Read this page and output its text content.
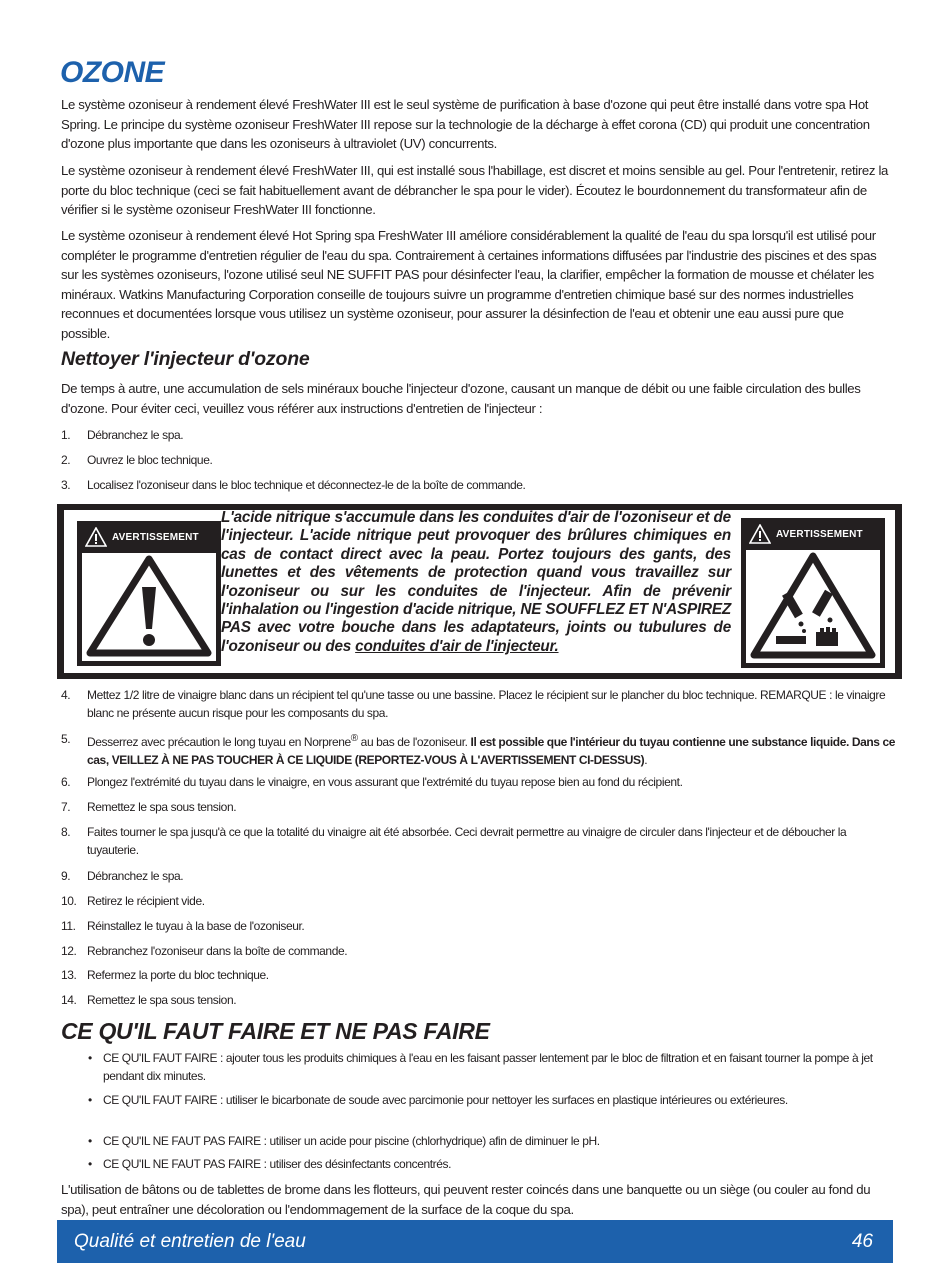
OZONE

Le système ozoniseur à rendement élevé FreshWater III est le seul système de purification à base d'ozone qui peut être installé dans votre spa Hot Spring. Le principe du système ozoniseur FreshWater III repose sur la technologie de la décharge à effet corona (CD) qui produit une concentration d'ozone plus importante que dans les ozoniseurs à ultraviolet (UV) concurrents.

Le système ozoniseur à rendement élevé FreshWater III, qui est installé sous l'habillage, est discret et moins sensible au gel. Pour l'entretenir, retirez la porte du bloc technique (ceci se fait habituellement avant de débrancher le spa pour le vider). Écoutez le bourdonnement du transformateur afin de vérifier si le système ozoniseur FreshWater III fonctionne.

Le système ozoniseur à rendement élevé Hot Spring spa FreshWater III améliore considérablement la qualité de l'eau du spa lorsqu'il est utilisé pour compléter le programme d'entretien régulier de l'eau du spa. Contrairement à certaines informations diffusées par l'industrie des piscines et des spas sur les systèmes ozoniseurs, l'ozone utilisé seul NE SUFFIT PAS pour désinfecter l'eau, la clarifier, empêcher la formation de mousse et chélater les minéraux. Watkins Manufacturing Corporation conseille de toujours suivre un programme d'entretien chimique basé sur des normes industrielles reconnues et documentées lorsque vous utilisez un système ozoniseur, pour assurer la désinfection de l'eau et obtenir une eau aussi pure que possible.

Nettoyer l'injecteur d'ozone

De temps à autre, une accumulation de sels minéraux bouche l'injecteur d'ozone, causant un manque de débit ou une faible circulation des bulles d'ozone. Pour éviter ceci, veuillez vous référer aux instructions d'entretien de l'injecteur :

1. Débranchez le spa.
2. Ouvrez le bloc technique.
3. Localisez l'ozoniseur dans le bloc technique et déconnectez-le de la boîte de commande.
AVERTISSEMENT	AVERTISSEMENT
L'acide nitrique s'accumule dans les conduites d'air de l'ozoniseur et de l'injecteur. L'acide nitrique peut provoquer des brûlures chimiques en cas de contact direct avec la peau. Portez toujours des gants, des lunettes et des vêtements de protection quand vous travaillez sur l'ozoniseur ou sur les conduites de l'injecteur. Afin de prévenir l'inhalation ou l'ingestion d'acide nitrique, NE SOUFFLEZ ET N'ASPIREZ PAS avec votre bouche dans les adaptateurs, joints ou tubulures de l'ozoniseur ou des conduites d'air de l'injecteur.
4. Mettez 1/2 litre de vinaigre blanc dans un récipient tel qu'une tasse ou une bassine. Placez le récipient sur le plancher du bloc technique. REMARQUE : le vinaigre blanc ne présente aucun risque pour les composants du spa.
5. Desserrez avec précaution le long tuyau en Norprene® au bas de l'ozoniseur. Il est possible que l'intérieur du tuyau contienne une substance liquide. Dans ce cas, VEILLEZ À NE PAS TOUCHER À CE LIQUIDE (REPORTEZ-VOUS À L'AVERTISSEMENT CI-DESSUS).
6. Plongez l'extrémité du tuyau dans le vinaigre, en vous assurant que l'extrémité du tuyau repose bien au fond du récipient.
7. Remettez le spa sous tension.
8. Faites tourner le spa jusqu'à ce que la totalité du vinaigre ait été absorbée. Ceci devrait permettre au vinaigre de circuler dans l'injecteur et de déboucher la tuyauterie.
9. Débranchez le spa.
10. Retirez le récipient vide.
11. Réinstallez le tuyau à la base de l'ozoniseur.
12. Rebranchez l'ozoniseur dans la boîte de commande.
13. Refermez la porte du bloc technique.
14. Remettez le spa sous tension.
CE QU'IL FAUT FAIRE ET NE PAS FAIRE
• CE QU'IL FAUT FAIRE : ajouter tous les produits chimiques à l'eau en les faisant passer lentement par le bloc de filtration et en faisant tourner la pompe à jet pendant dix minutes.
• CE QU'IL FAUT FAIRE : utiliser le bicarbonate de soude avec parcimonie pour nettoyer les surfaces en plastique intérieures ou extérieures.
• CE QU'IL NE FAUT PAS FAIRE : utiliser un acide pour piscine (chlorhydrique) afin de diminuer le pH.
• CE QU'IL NE FAUT PAS FAIRE : utiliser des désinfectants concentrés.

L'utilisation de bâtons ou de tablettes de brome dans les flotteurs, qui peuvent rester coincés dans une banquette ou un siège (ou couler au fond du spa), peut entraîner une décoloration ou l'endommagement de la surface de la coque du spa.

Qualité et entretien de l'eau	46
